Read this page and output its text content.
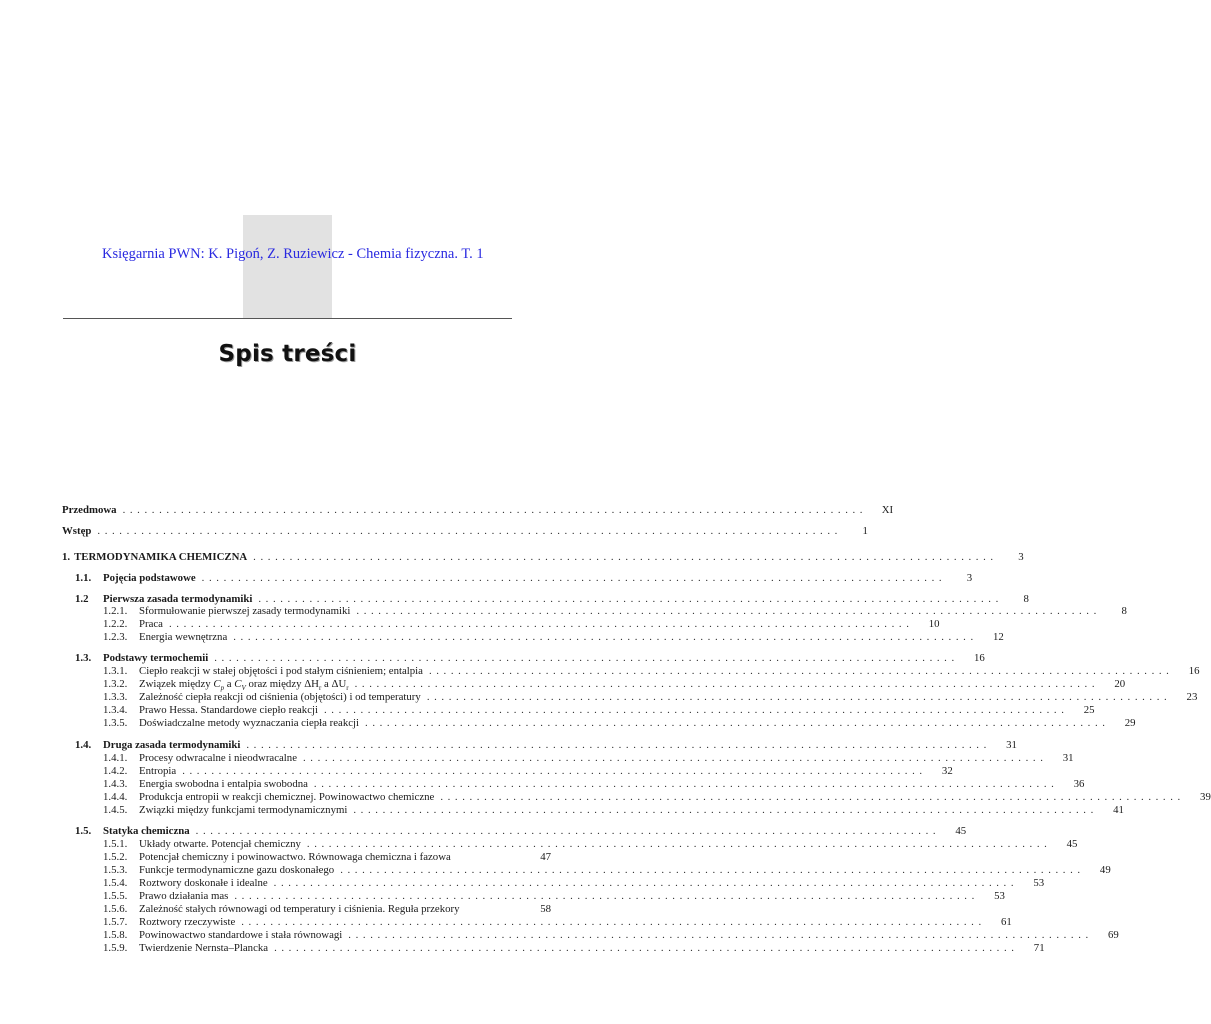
Księgarnia PWN: K. Pigoń, Z. Ruziewicz - Chemia fizyczna. T. 1
Spis treści
Przedmowa ......................................................................................................	XI
Wstęp ......................................................................................................	1
1. TERMODYNAMIKA CHEMICZNA ......................................................................................................	3
1.1.	Pojęcia podstawowe ......................................................................................................	3
1.2	Pierwsza zasada termodynamiki ......................................................................................................	8
1.2.1.	Sformułowanie pierwszej zasady termodynamiki ......................................................................................................	8
1.2.2.	Praca ......................................................................................................	10
1.2.3.	Energia wewnętrzna ......................................................................................................	12
1.3.	Podstawy termochemii ......................................................................................................	16
1.3.1.	Ciepło reakcji w stałej objętości i pod stałym ciśnieniem; entalpia ......................................................................................................	16
1.3.2.	Związek między $C_p$ a $C_V$ oraz między $\Delta H_r$ a $\Delta U_r$ ......................................................................................................	20
1.3.3.	Zależność ciepła reakcji od ciśnienia (objętości) i od temperatury ......................................................................................................	23
1.3.4.	Prawo Hessa. Standardowe ciepło reakcji ......................................................................................................	25
1.3.5.	Doświadczalne metody wyznaczania ciepła reakcji ......................................................................................................	29
1.4.	Druga zasada termodynamiki ......................................................................................................	31
1.4.1.	Procesy odwracalne i nieodwracalne ......................................................................................................	31
1.4.2.	Entropia ......................................................................................................	32
1.4.3.	Energia swobodna i entalpia swobodna ......................................................................................................	36
1.4.4.	Produkcja entropii w reakcji chemicznej. Powinowactwo chemiczne ......................................................................................................	39
1.4.5.	Związki między funkcjami termodynamicznymi ......................................................................................................	41
1.5.	Statyka chemiczna ......................................................................................................	45
1.5.1.	Układy otwarte. Potencjał chemiczny ......................................................................................................	45
1.5.2.	Potencjał chemiczny i powinowactwo. Równowaga chemiczna i fazowa	47
1.5.3.	Funkcje termodynamiczne gazu doskonałego ......................................................................................................	49
1.5.4.	Roztwory doskonałe i idealne ......................................................................................................	53
1.5.5.	Prawo działania mas ......................................................................................................	53
1.5.6.	Zależność stałych równowagi od temperatury i ciśnienia. Reguła przekory	58
1.5.7.	Roztwory rzeczywiste ......................................................................................................	61
1.5.8.	Powinowactwo standardowe i stała równowagi ......................................................................................................	69
1.5.9.	Twierdzenie Nernsta–Plancka ......................................................................................................	71
